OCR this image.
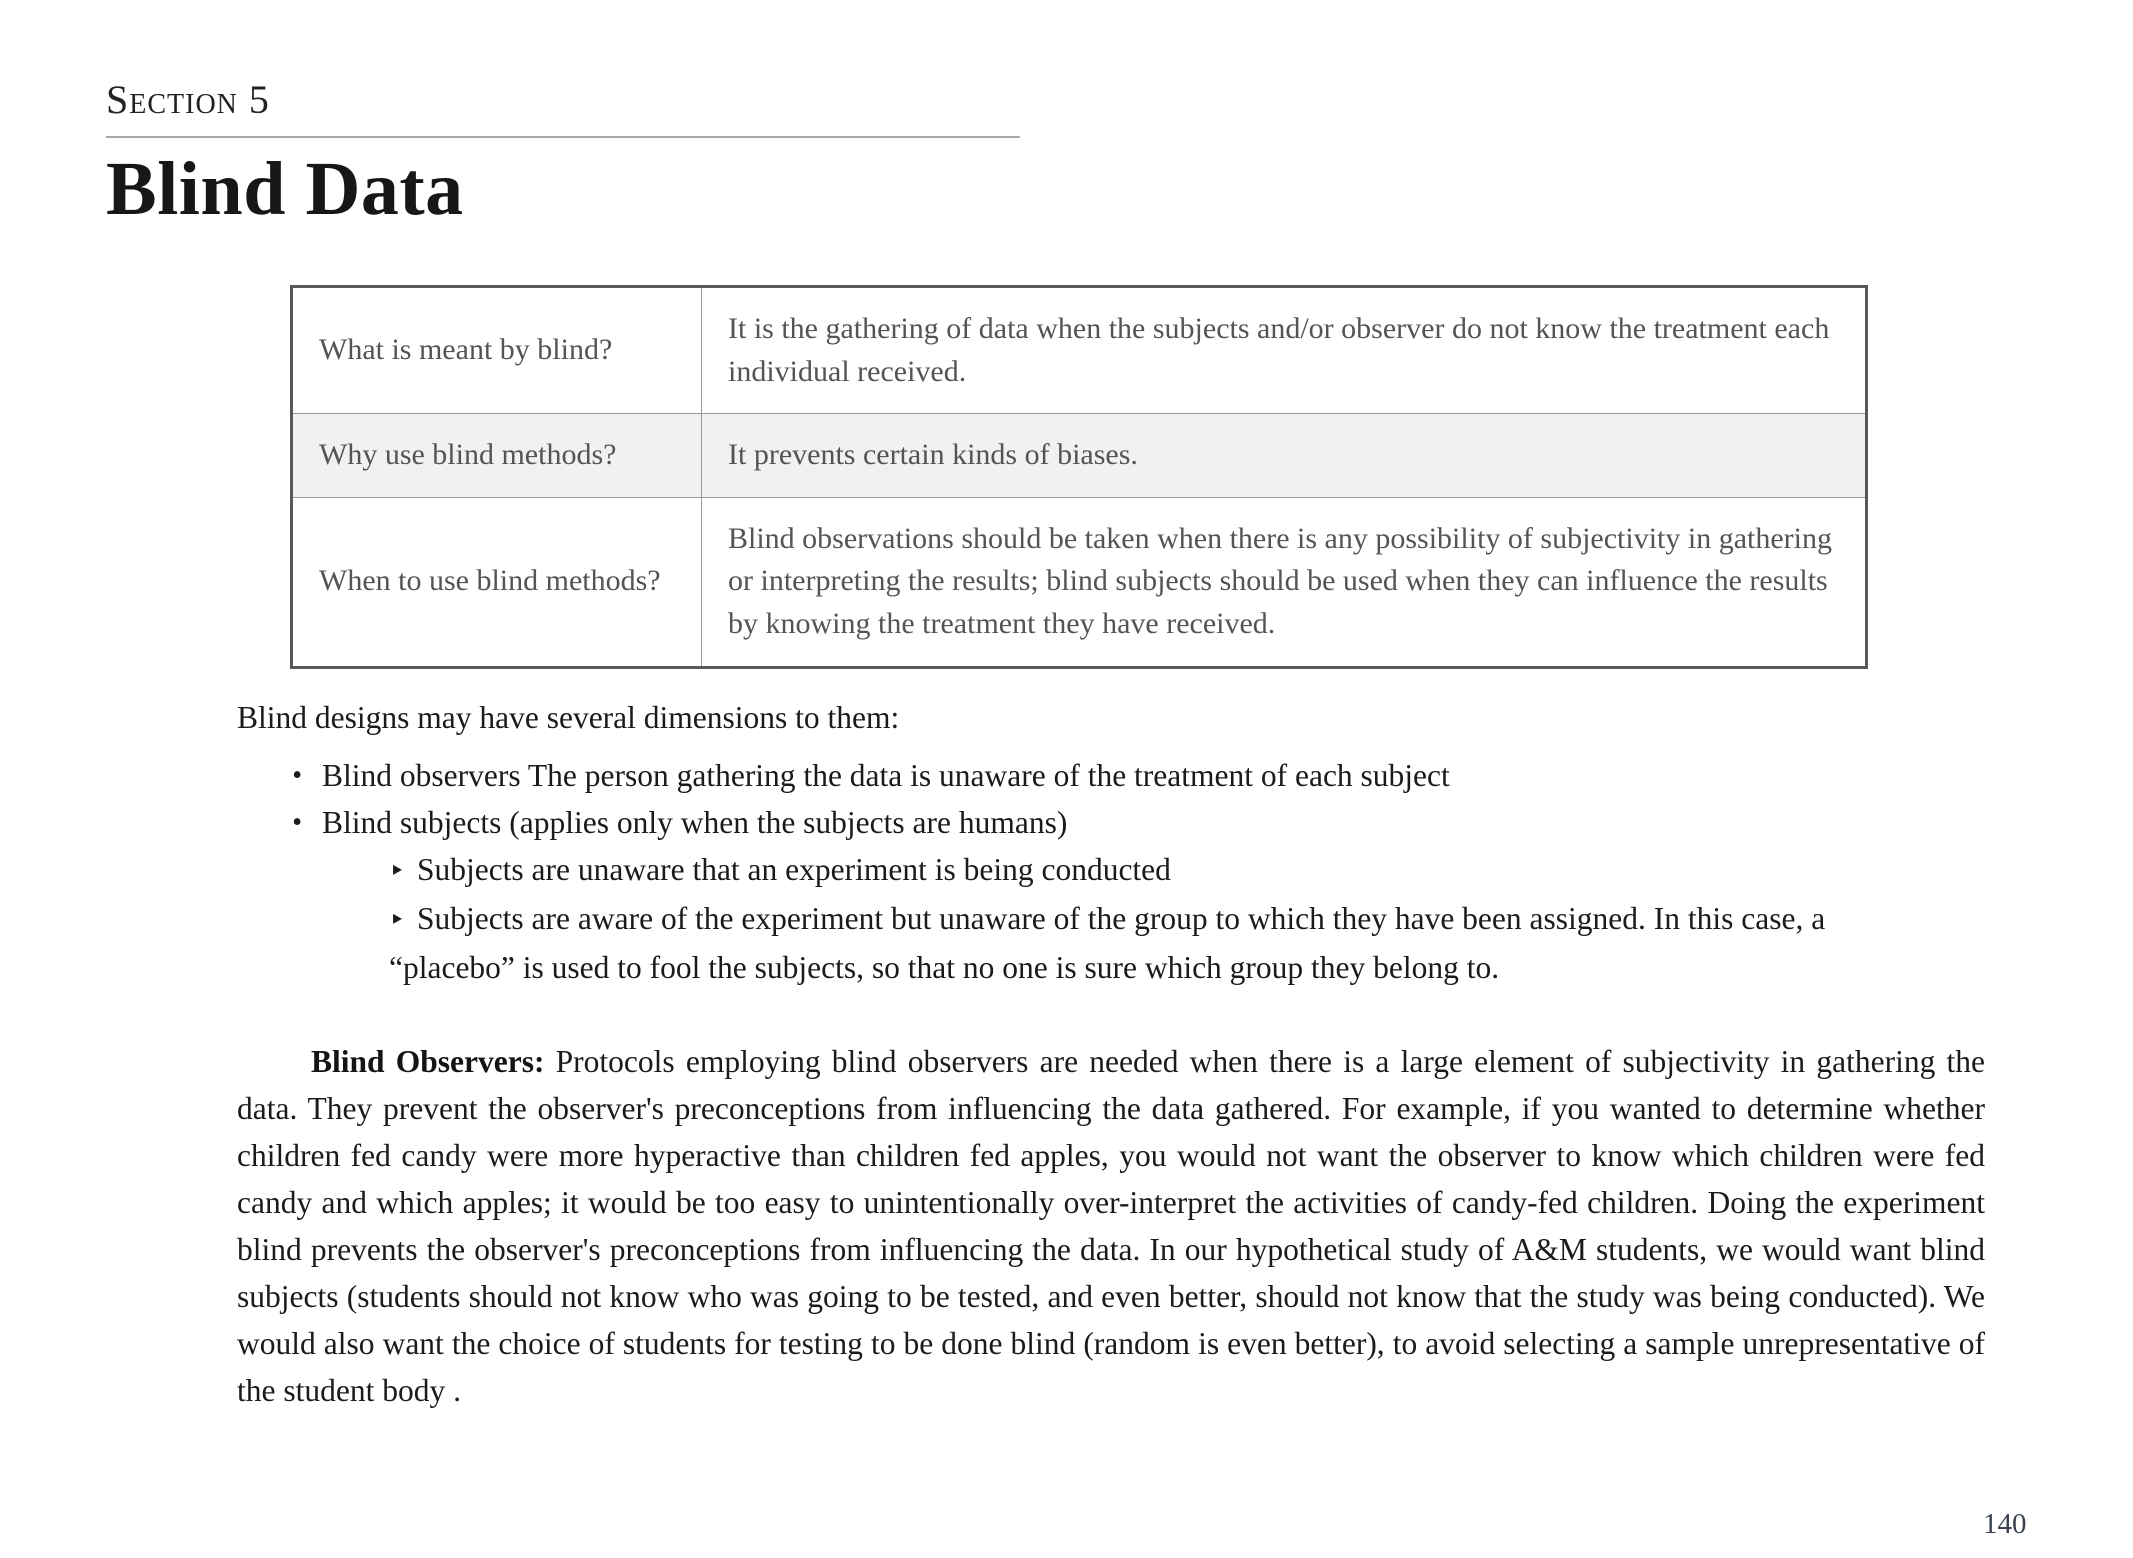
Section 5
Blind Data
What is meant by blind?	It is the gathering of data when the subjects and/or observer do not know the treatment each individual received.
Why use blind methods?	It prevents certain kinds of biases.
When to use blind methods?	Blind observations should be taken when there is any possibility of subjectivity in gathering or interpreting the results; blind subjects should be used when they can influence the results by knowing the treatment they have received.
Blind designs may have several dimensions to them:
• Blind observers The person gathering the data is unaware of the treatment of each subject
• Blind subjects (applies only when the subjects are humans)
‣ Subjects are unaware that an experiment is being conducted
‣ Subjects are aware of the experiment but unaware of the group to which they have been assigned. In this case, a “placebo” is used to fool the subjects, so that no one is sure which group they belong to.
Blind Observers: Protocols employing blind observers are needed when there is a large element of subjectivity in gathering the data. They prevent the observer's preconceptions from influencing the data gathered. For example, if you wanted to determine whether children fed candy were more hyperactive than children fed apples, you would not want the observer to know which children were fed candy and which apples; it would be too easy to unintentionally over-interpret the activities of candy-fed children. Doing the experiment blind prevents the observer's preconceptions from influencing the data. In our hypothetical study of A&M students, we would want blind subjects (students should not know who was going to be tested, and even better, should not know that the study was being conducted). We would also want the choice of students for testing to be done blind (random is even better), to avoid selecting a sample unrepresentative of the student body .
140
